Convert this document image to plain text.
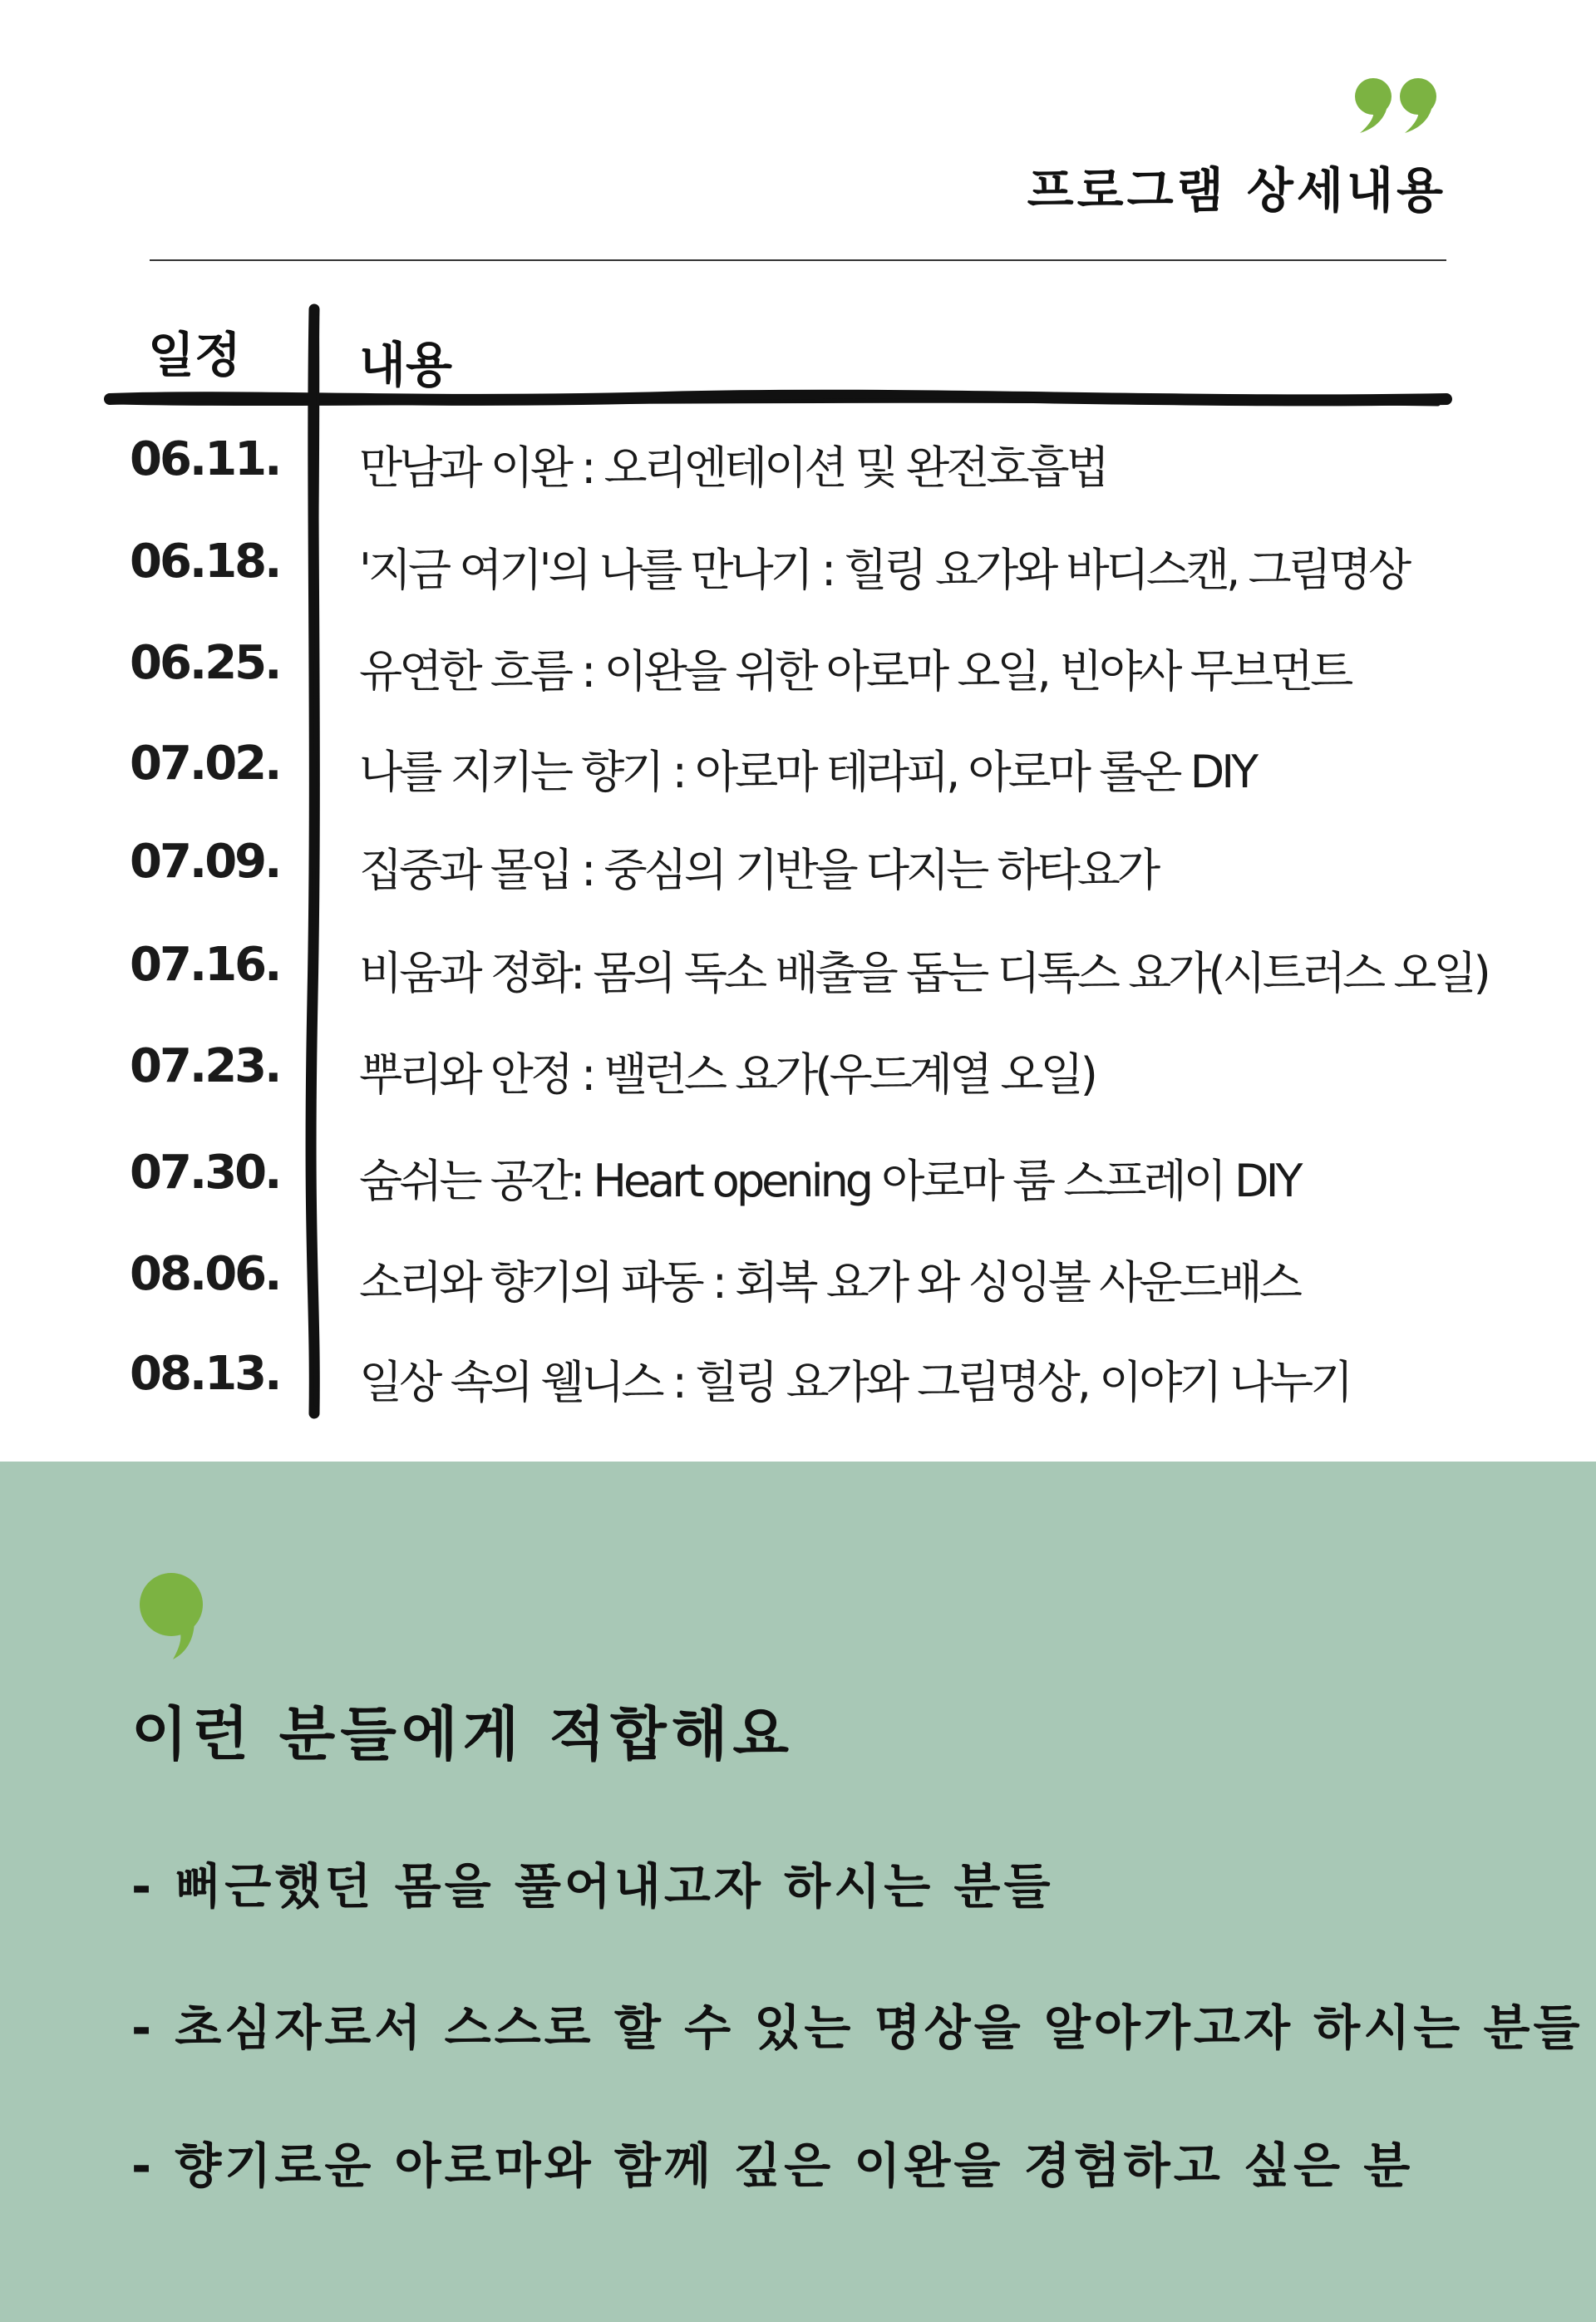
프로그램 상세내용
일정 내용
06.11. 만남과 이완 : 오리엔테이션 및 완전호흡법
06.18. '지금 여기'의 나를 만나기 : 힐링 요가와 바디스캔, 그림명상
06.25. 유연한 흐름 : 이완을 위한 아로마 오일, 빈야사 무브먼트
07.02. 나를 지키는 향기 : 아로마 테라피, 아로마 롤온 DIY
07.09. 집중과 몰입 : 중심의 기반을 다지는 하타요가
07.16. 비움과 정화: 몸의 독소 배출을 돕는 디톡스 요가(시트러스 오일)
07.23. 뿌리와 안정 : 밸런스 요가(우드계열 오일)
07.30. 숨쉬는 공간: Heart opening 아로마 룸 스프레이 DIY
08.06. 소리와 향기의 파동 : 회복 요가 와 싱잉볼 사운드배스
08.13. 일상 속의 웰니스 : 힐링 요가와 그림명상, 이야기 나누기
이런 분들에게 적합해요
- 뻐근했던 몸을 풀어내고자 하시는 분들
- 초심자로서 스스로 할 수 있는 명상을 알아가고자 하시는 분들
- 향기로운 아로마와 함께 깊은 이완을 경험하고 싶은 분
